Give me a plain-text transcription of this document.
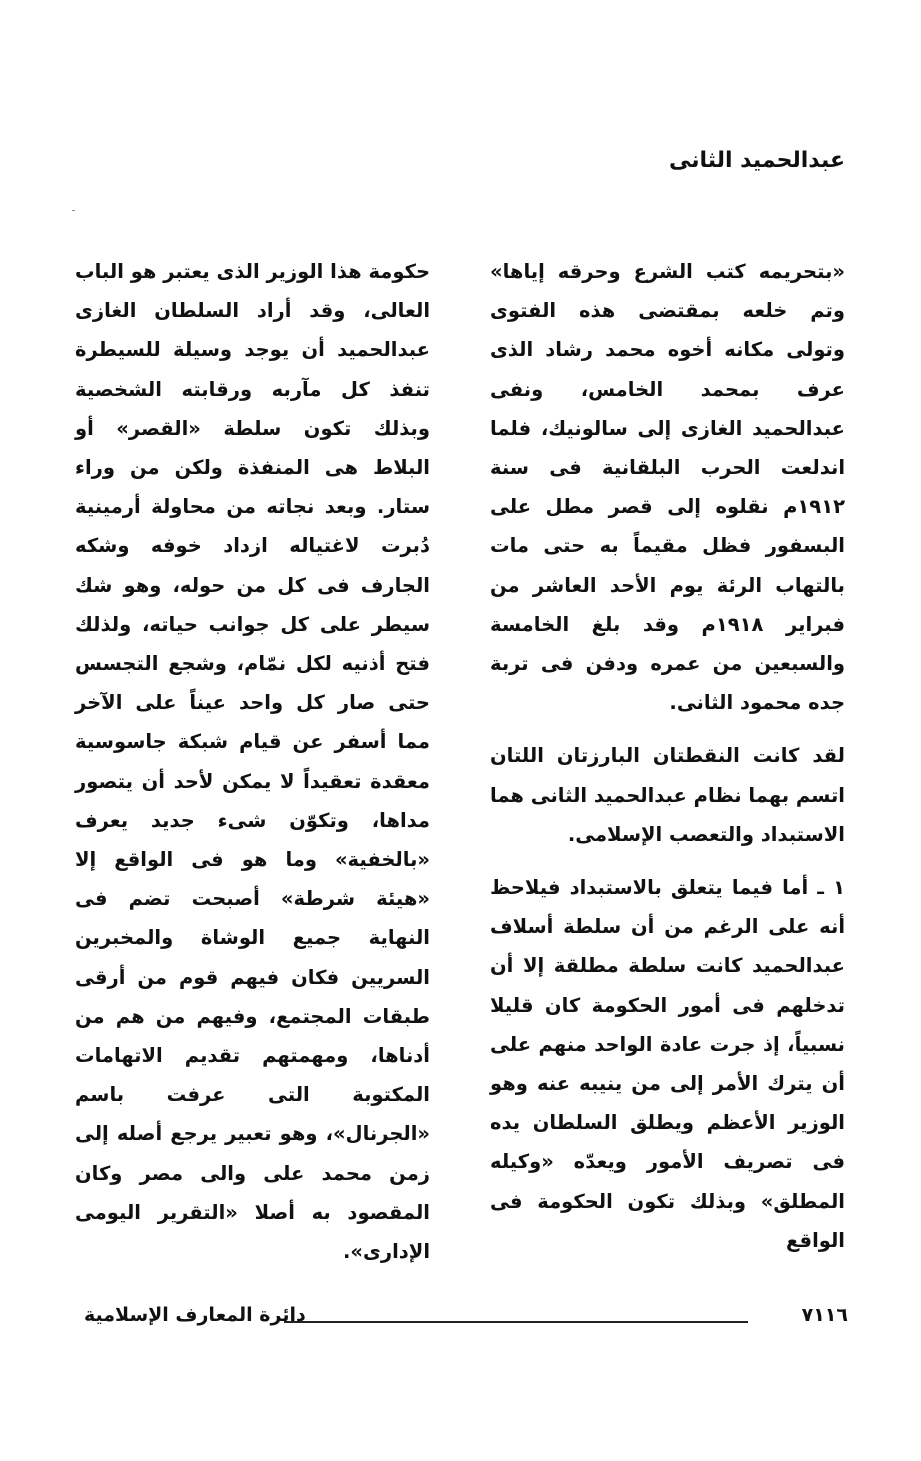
عبدالحميد الثانى

«بتحريمه كتب الشرع وحرقه إياها» وتم خلعه بمقتضى هذه الفتوى وتولى مكانه أخوه محمد رشاد الذى عرف بمحمد الخامس، ونفى عبدالحميد الغازى إلى سالونيك، فلما اندلعت الحرب البلقانية فى سنة ١٩١٢م نقلوه إلى قصر مطل على البسفور فظل مقيماً به حتى مات بالتهاب الرئة يوم الأحد العاشر من فبراير ١٩١٨م وقد بلغ الخامسة والسبعين من عمره ودفن فى تربة جده محمود الثانى.

لقد كانت النقطتان البارزتان اللتان اتسم بهما نظام عبدالحميد الثانى هما الاستبداد والتعصب الإسلامى.

١ ـ أما فيما يتعلق بالاستبداد فيلاحظ أنه على الرغم من أن سلطة أسلاف عبدالحميد كانت سلطة مطلقة إلا أن تدخلهم فى أمور الحكومة كان قليلا نسبياً، إذ جرت عادة الواحد منهم على أن يترك الأمر إلى من ينيبه عنه وهو الوزير الأعظم ويطلق السلطان يده فى تصريف الأمور ويعدّه «وكيله المطلق» وبذلك تكون الحكومة فى الواقع

حكومة هذا الوزير الذى يعتبر هو الباب العالى، وقد أراد السلطان الغازى عبدالحميد أن يوجد وسيلة للسيطرة تنفذ كل مآربه ورقابته الشخصية وبذلك تكون سلطة «القصر» أو البلاط هى المنفذة ولكن من وراء ستار. وبعد نجاته من محاولة أرمينية دُبرت لاغتياله ازداد خوفه وشكه الجارف فى كل من حوله، وهو شك سيطر على كل جوانب حياته، ولذلك فتح أذنيه لكل نمّام، وشجع التجسس حتى صار كل واحد عيناً على الآخر مما أسفر عن قيام شبكة جاسوسية معقدة تعقيداً لا يمكن لأحد أن يتصور مداها، وتكوّن شىء جديد يعرف «بالخفية» وما هو فى الواقع إلا «هيئة شرطة» أصبحت تضم فى النهاية جميع الوشاة والمخبرين السريين فكان فيهم قوم من أرقى طبقات المجتمع، وفيهم من هم من أدناها، ومهمتهم تقديم الاتهامات المكتوبة التى عرفت باسم «الجرنال»، وهو تعبير يرجع أصله إلى زمن محمد على والى مصر وكان المقصود به أصلا «التقرير اليومى الإدارى».

دائرة المعارف الإسلامية	٧١١٦
